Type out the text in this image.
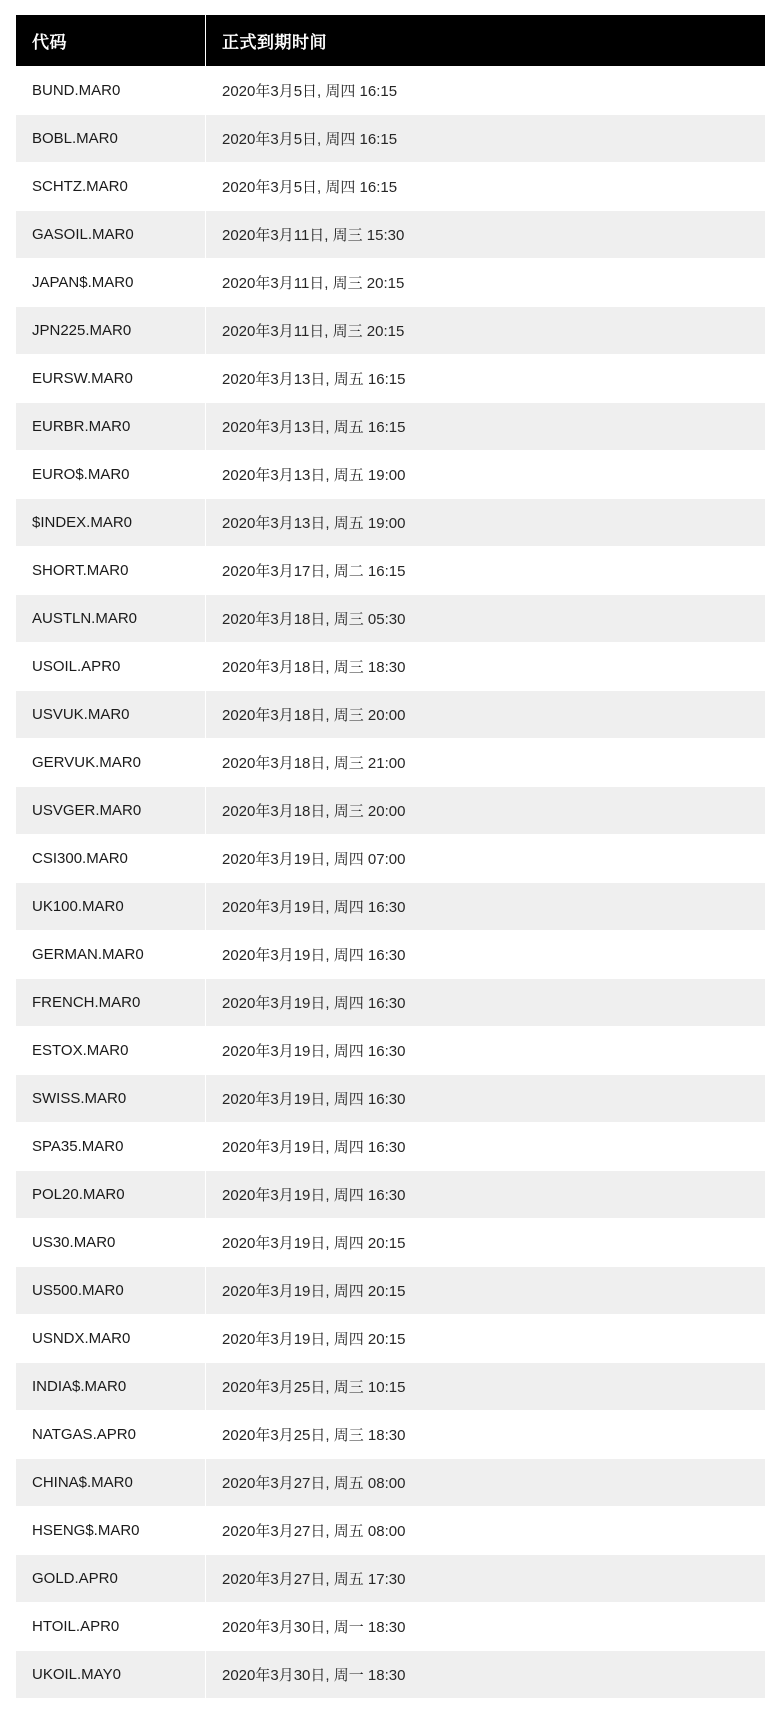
代码	正式到期时间
BUND.MAR0	2020年3月5日, 周四 16:15
BOBL.MAR0	2020年3月5日, 周四 16:15
SCHTZ.MAR0	2020年3月5日, 周四 16:15
GASOIL.MAR0	2020年3月11日, 周三 15:30
JAPAN$.MAR0	2020年3月11日, 周三 20:15
JPN225.MAR0	2020年3月11日, 周三 20:15
EURSW.MAR0	2020年3月13日, 周五 16:15
EURBR.MAR0	2020年3月13日, 周五 16:15
EURO$.MAR0	2020年3月13日, 周五 19:00
$INDEX.MAR0	2020年3月13日, 周五 19:00
SHORT.MAR0	2020年3月17日, 周二 16:15
AUSTLN.MAR0	2020年3月18日, 周三 05:30
USOIL.APR0	2020年3月18日, 周三 18:30
USVUK.MAR0	2020年3月18日, 周三 20:00
GERVUK.MAR0	2020年3月18日, 周三 21:00
USVGER.MAR0	2020年3月18日, 周三 20:00
CSI300.MAR0	2020年3月19日, 周四 07:00
UK100.MAR0	2020年3月19日, 周四 16:30
GERMAN.MAR0	2020年3月19日, 周四 16:30
FRENCH.MAR0	2020年3月19日, 周四 16:30
ESTOX.MAR0	2020年3月19日, 周四 16:30
SWISS.MAR0	2020年3月19日, 周四 16:30
SPA35.MAR0	2020年3月19日, 周四 16:30
POL20.MAR0	2020年3月19日, 周四 16:30
US30.MAR0	2020年3月19日, 周四 20:15
US500.MAR0	2020年3月19日, 周四 20:15
USNDX.MAR0	2020年3月19日, 周四 20:15
INDIA$.MAR0	2020年3月25日, 周三 10:15
NATGAS.APR0	2020年3月25日, 周三 18:30
CHINA$.MAR0	2020年3月27日, 周五 08:00
HSENG$.MAR0	2020年3月27日, 周五 08:00
GOLD.APR0	2020年3月27日, 周五 17:30
HTOIL.APR0	2020年3月30日, 周一 18:30
UKOIL.MAY0	2020年3月30日, 周一 18:30
